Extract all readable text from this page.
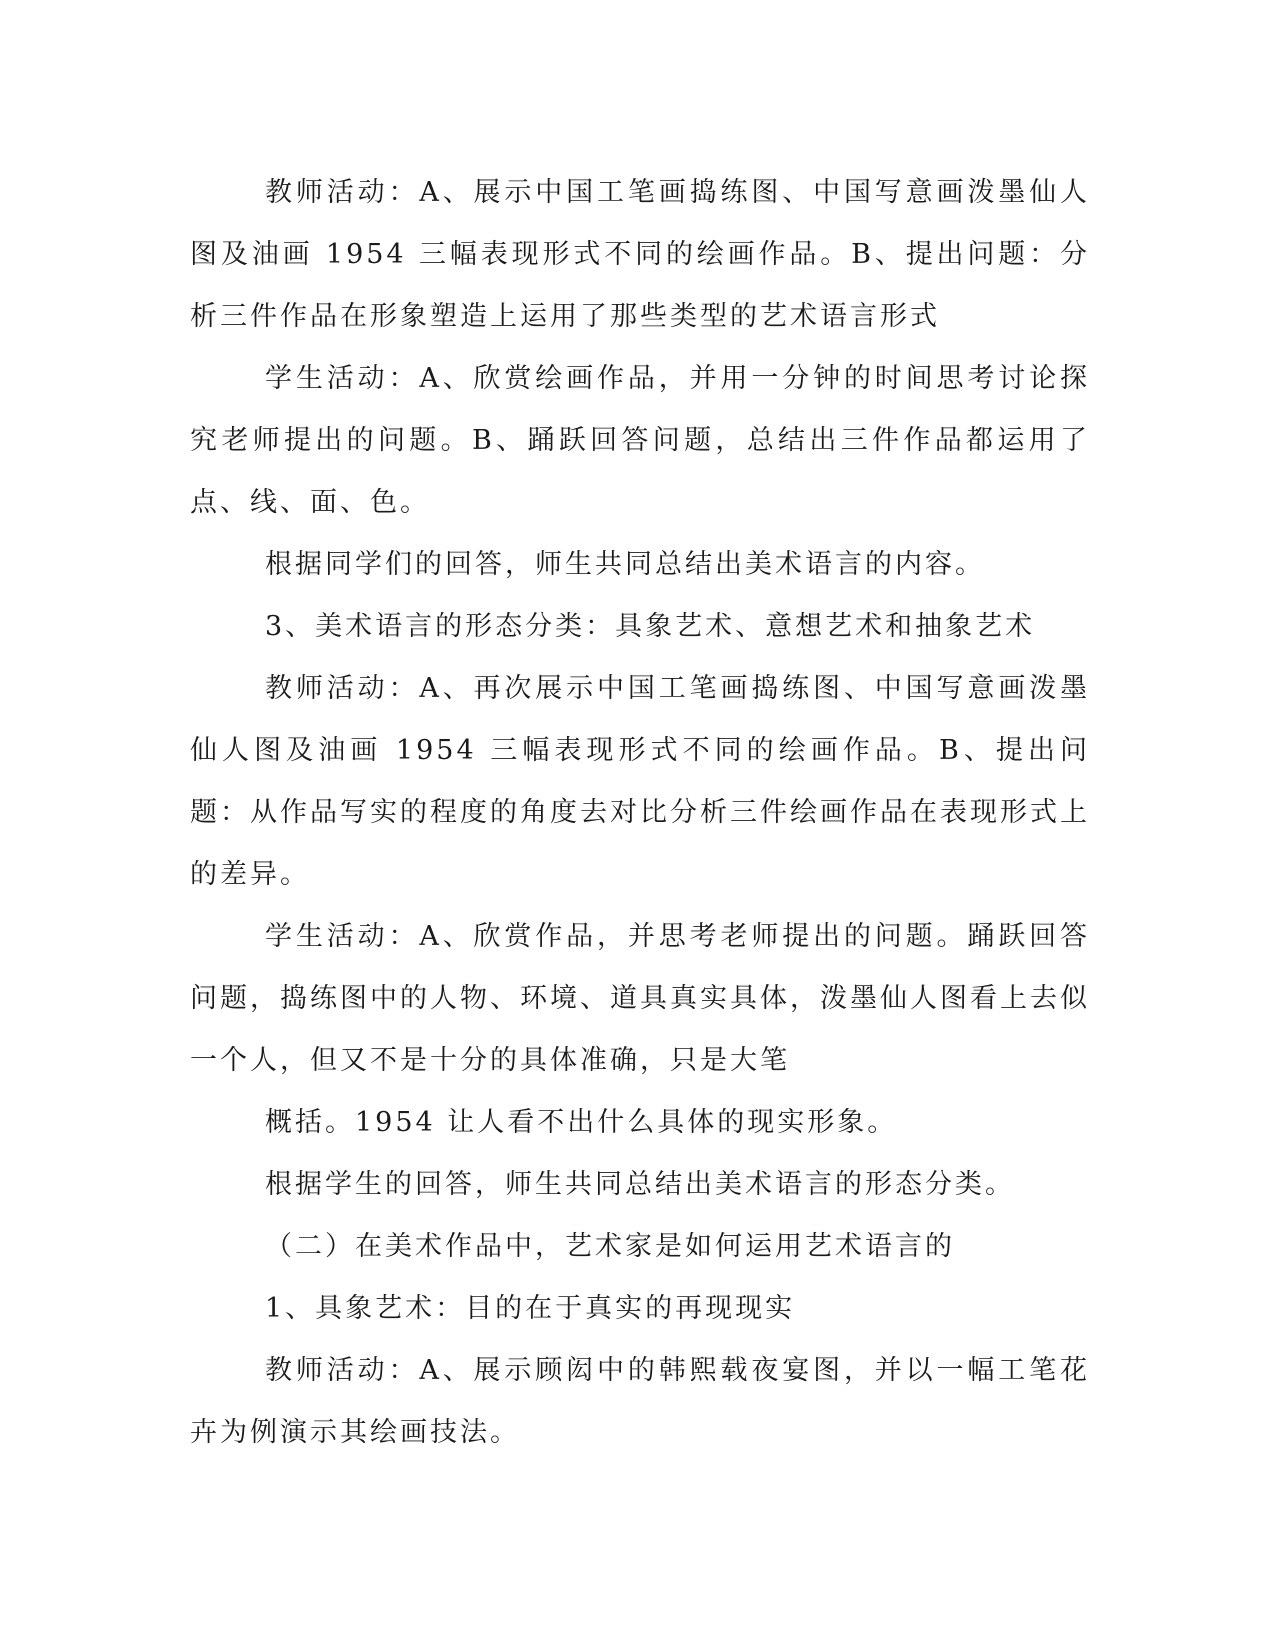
教师活动：A、展示中国工笔画捣练图、中国写意画泼墨仙人图及油画 1954 三幅表现形式不同的绘画作品。B、提出问题：分析三件作品在形象塑造上运用了那些类型的艺术语言形式

学生活动：A、欣赏绘画作品，并用一分钟的时间思考讨论探究老师提出的问题。B、踊跃回答问题，总结出三件作品都运用了点、线、面、色。

根据同学们的回答，师生共同总结出美术语言的内容。

3、美术语言的形态分类：具象艺术、意想艺术和抽象艺术

教师活动：A、再次展示中国工笔画捣练图、中国写意画泼墨仙人图及油画 1954 三幅表现形式不同的绘画作品。B、提出问题：从作品写实的程度的角度去对比分析三件绘画作品在表现形式上的差异。

学生活动：A、欣赏作品，并思考老师提出的问题。踊跃回答问题，捣练图中的人物、环境、道具真实具体，泼墨仙人图看上去似一个人，但又不是十分的具体准确，只是大笔

概括。1954 让人看不出什么具体的现实形象。

根据学生的回答，师生共同总结出美术语言的形态分类。

（二）在美术作品中，艺术家是如何运用艺术语言的

1、具象艺术：目的在于真实的再现现实

教师活动：A、展示顾闳中的韩熙载夜宴图，并以一幅工笔花卉为例演示其绘画技法。
